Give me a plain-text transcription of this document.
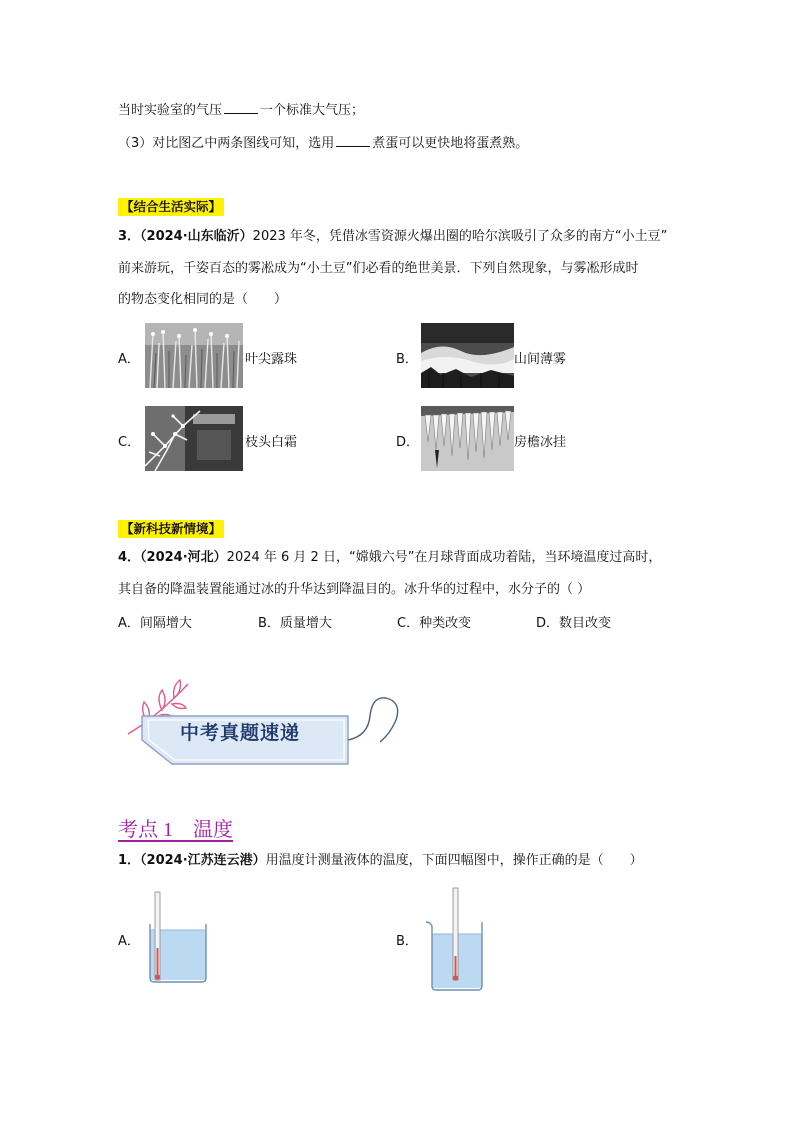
当时实验室的气压	一个标准大气压；
（3）对比图乙中两条图线可知，选用	煮蛋可以更快地将蛋煮熟。
【结合生活实际】
3．（2024·山东临沂）2023 年冬，凭借冰雪资源火爆出圈的哈尔滨吸引了众多的南方“小土豆”
前来游玩，千姿百态的雾凇成为“小土豆”们必看的绝世美景．下列自然现象，与雾凇形成时
的物态变化相同的是（　　）
A．	叶尖露珠	B．	山间薄雾
C．	枝头白霜	D．	房檐冰挂
【新科技新情境】
4．（2024·河北）2024 年 6 月 2 日，“嫦娥六号”在月球背面成功着陆，当环境温度过高时，
其自备的降温装置能通过冰的升华达到降温目的。冰升华的过程中，水分子的（ ）
A．间隔增大	B．质量增大	C．种类改变	D．数目改变
中考真题速递
考点 1　温度
1．（2024·江苏连云港）用温度计测量液体的温度，下面四幅图中，操作正确的是（　　）
A．	B．
